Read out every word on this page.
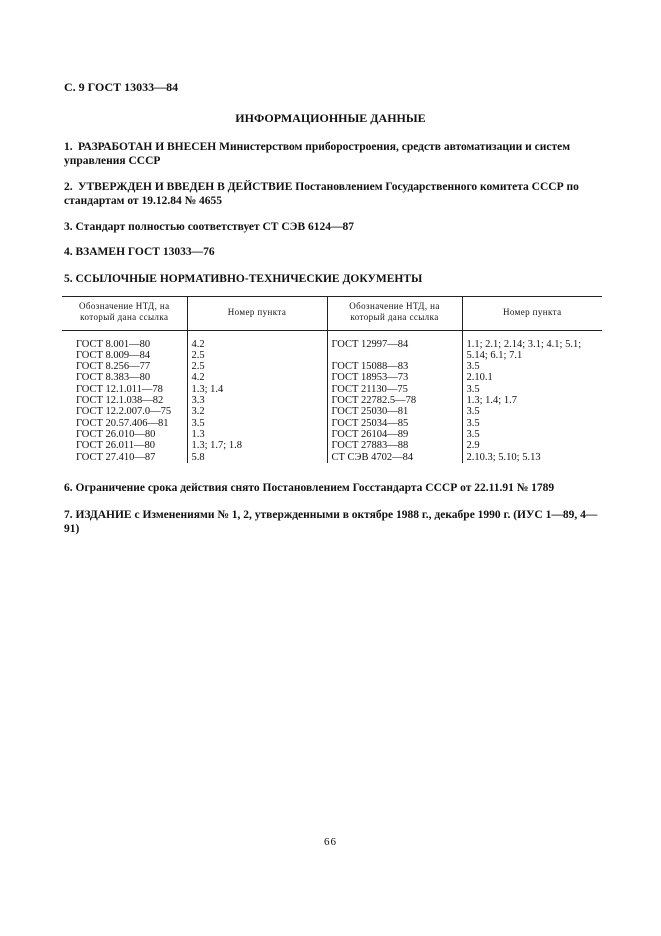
С. 9 ГОСТ 13033—84
ИНФОРМАЦИОННЫЕ ДАННЫЕ
1. РАЗРАБОТАН И ВНЕСЕН Министерством приборостроения, средств автоматизации и систем управления СССР
2. УТВЕРЖДЕН И ВВЕДЕН В ДЕЙСТВИЕ Постановлением Государственного комитета СССР по стандартам от 19.12.84 № 4655
3. Стандарт полностью соответствует СТ СЭВ 6124—87
4. ВЗАМЕН ГОСТ 13033—76
5. ССЫЛОЧНЫЕ НОРМАТИВНО-ТЕХНИЧЕСКИЕ ДОКУМЕНТЫ
Обозначение НТД, на который дана ссылка	Номер пункта	Обозначение НТД, на который дана ссылка	Номер пункта
ГОСТ 8.001—80	4.2	ГОСТ 12997—84	1.1; 2.1; 2.14; 3.1; 4.1; 5.1;
ГОСТ 8.009—84	2.5		5.14; 6.1; 7.1
ГОСТ 8.256—77	2.5	ГОСТ 15088—83	3.5
ГОСТ 8.383—80	4.2	ГОСТ 18953—73	2.10.1
ГОСТ 12.1.011—78	1.3; 1.4	ГОСТ 21130—75	3.5
ГОСТ 12.1.038—82	3.3	ГОСТ 22782.5—78	1.3; 1.4; 1.7
ГОСТ 12.2.007.0—75	3.2	ГОСТ 25030—81	3.5
ГОСТ 20.57.406—81	3.5	ГОСТ 25034—85	3.5
ГОСТ 26.010—80	1.3	ГОСТ 26104—89	3.5
ГОСТ 26.011—80	1.3; 1.7; 1.8	ГОСТ 27883—88	2.9
ГОСТ 27.410—87	5.8	СТ СЭВ 4702—84	2.10.3; 5.10; 5.13
6. Ограничение срока действия снято Постановлением Госстандарта СССР от 22.11.91 № 1789
7. ИЗДАНИЕ с Изменениями № 1, 2, утвержденными в октябре 1988 г., декабре 1990 г. (ИУС 1—89, 4—91)
66
